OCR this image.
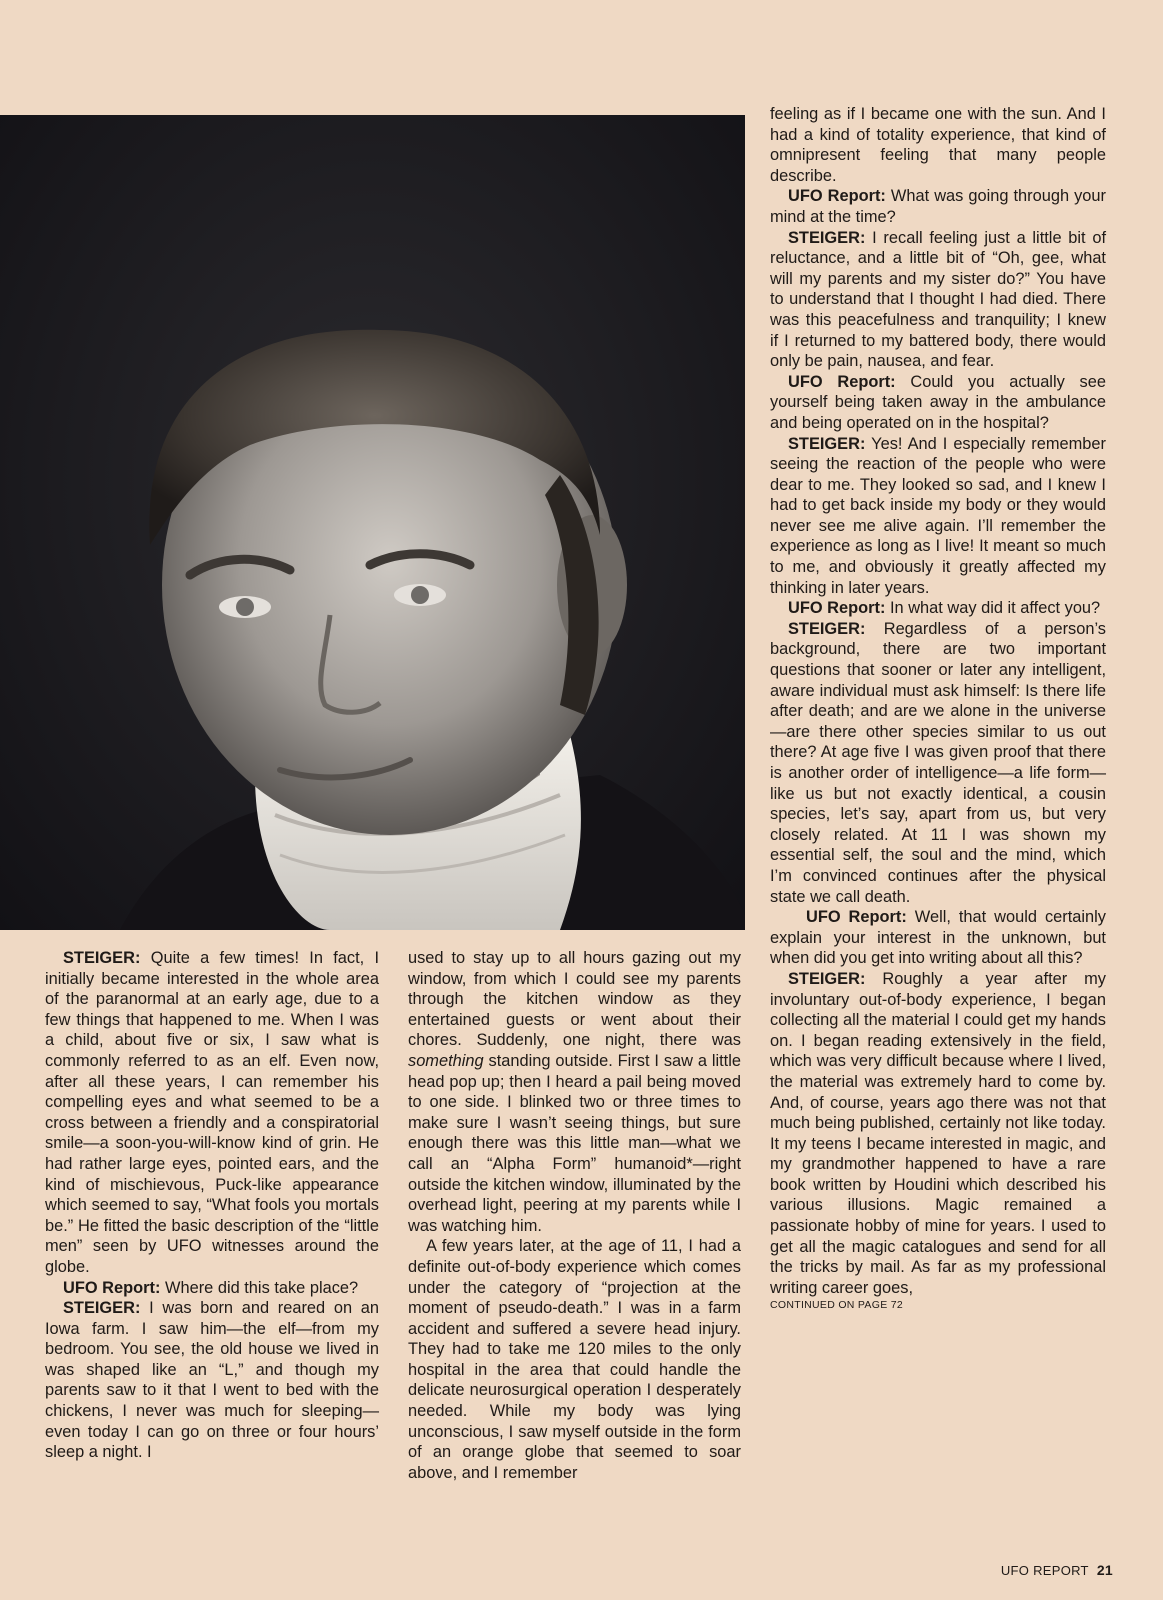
STEIGER: Quite a few times! In fact, I initially became interested in the whole area of the paranormal at an early age, due to a few things that happened to me. When I was a child, about five or six, I saw what is commonly referred to as an elf. Even now, after all these years, I can remember his compelling eyes and what seemed to be a cross between a friendly and a conspiratorial smile—a soon-you-will-know kind of grin. He had rather large eyes, pointed ears, and the kind of mischievous, Puck-like appearance which seemed to say, “What fools you mortals be.” He fitted the basic description of the “little men” seen by UFO witnesses around the globe.

UFO Report: Where did this take place?

STEIGER: I was born and reared on an Iowa farm. I saw him—the elf—from my bedroom. You see, the old house we lived in was shaped like an “L,” and though my parents saw to it that I went to bed with the chickens, I never was much for sleeping—even today I can go on three or four hours’ sleep a night. I

used to stay up to all hours gazing out my window, from which I could see my parents through the kitchen window as they entertained guests or went about their chores. Suddenly, one night, there was something standing outside. First I saw a little head pop up; then I heard a pail being moved to one side. I blinked two or three times to make sure I wasn’t seeing things, but sure enough there was this little man—what we call an “Alpha Form” humanoid*—right outside the kitchen window, illuminated by the overhead light, peering at my parents while I was watching him.

A few years later, at the age of 11, I had a definite out-of-body experience which comes under the category of “projection at the moment of pseudo-death.” I was in a farm accident and suffered a severe head injury. They had to take me 120 miles to the only hospital in the area that could handle the delicate neurosurgical operation I desperately needed. While my body was lying unconscious, I saw myself outside in the form of an orange globe that seemed to soar above, and I remember

feeling as if I became one with the sun. And I had a kind of totality experience, that kind of omnipresent feeling that many people describe.

UFO Report: What was going through your mind at the time?

STEIGER: I recall feeling just a little bit of reluctance, and a little bit of “Oh, gee, what will my parents and my sister do?” You have to understand that I thought I had died. There was this peacefulness and tranquility; I knew if I returned to my battered body, there would only be pain, nausea, and fear.

UFO Report: Could you actually see yourself being taken away in the ambulance and being operated on in the hospital?

STEIGER: Yes! And I especially remember seeing the reaction of the people who were dear to me. They looked so sad, and I knew I had to get back inside my body or they would never see me alive again. I’ll remember the experience as long as I live! It meant so much to me, and obviously it greatly affected my thinking in later years.

UFO Report: In what way did it affect you?

STEIGER: Regardless of a person’s background, there are two important questions that sooner or later any intelligent, aware individual must ask himself: Is there life after death; and are we alone in the universe—are there other species similar to us out there? At age five I was given proof that there is another order of intelligence—a life form—like us but not exactly identical, a cousin species, let’s say, apart from us, but very closely related. At 11 I was shown my essential self, the soul and the mind, which I’m convinced continues after the physical state we call death.

UFO Report: Well, that would certainly explain your interest in the unknown, but when did you get into writing about all this?

STEIGER: Roughly a year after my involuntary out-of-body experience, I began collecting all the material I could get my hands on. I began reading extensively in the field, which was very difficult because where I lived, the material was extremely hard to come by. And, of course, years ago there was not that much being published, certainly not like today. It my teens I became interested in magic, and my grandmother happened to have a rare book written by Houdini which described his various illusions. Magic remained a passionate hobby of mine for years. I used to get all the magic catalogues and send for all the tricks by mail. As far as my professional writing career goes,

CONTINUED ON PAGE 72

UFO REPORT 21
